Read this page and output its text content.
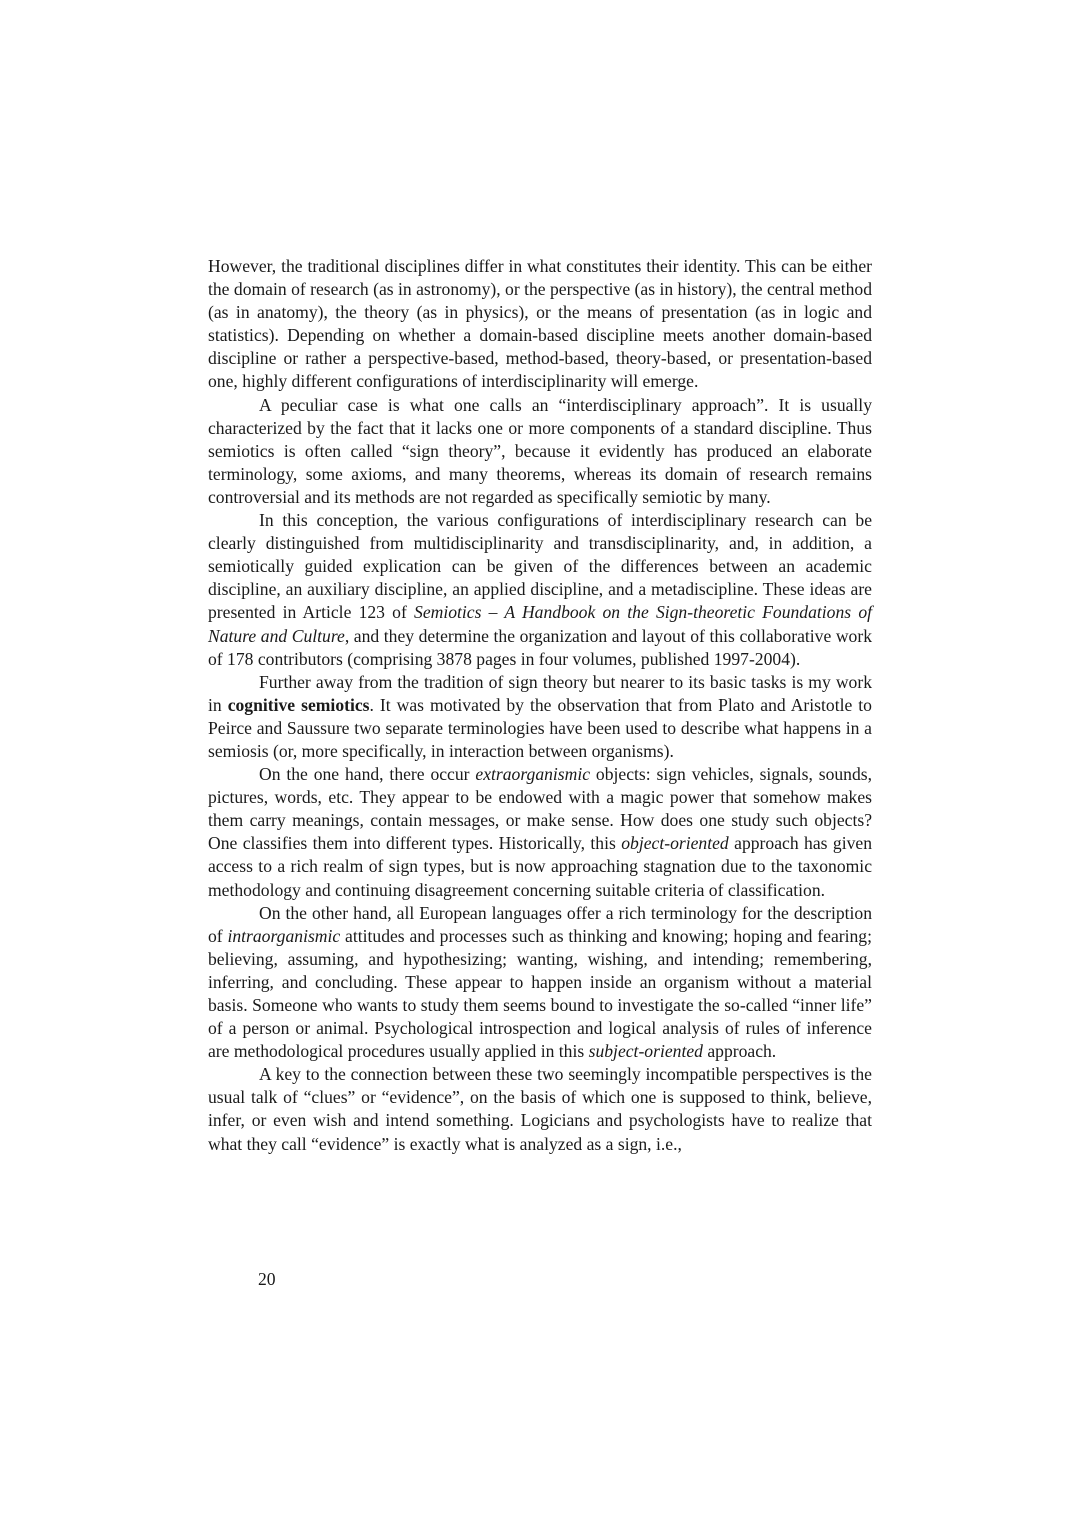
However, the traditional disciplines differ in what constitutes their identity. This can be either the domain of research (as in astronomy), or the perspective (as in history), the central method (as in anatomy), the theory (as in physics), or the means of presentation (as in logic and statistics). Depending on whether a domain-based discipline meets another domain-based discipline or rather a perspective-based, method-based, theory-based, or presentation-based one, highly different configurations of interdisciplinarity will emerge.

A peculiar case is what one calls an “interdisciplinary approach”. It is usually characterized by the fact that it lacks one or more components of a standard discipline. Thus semiotics is often called “sign theory”, because it evidently has produced an elaborate terminology, some axioms, and many theorems, whereas its domain of research remains controversial and its methods are not regarded as specifically semiotic by many.

In this conception, the various configurations of interdisciplinary research can be clearly distinguished from multidisciplinarity and transdisciplinarity, and, in addition, a semiotically guided explication can be given of the differences between an academic discipline, an auxiliary discipline, an applied discipline, and a metadiscipline. These ideas are presented in Article 123 of Semiotics – A Handbook on the Sign-theoretic Foundations of Nature and Culture, and they determine the organization and layout of this collaborative work of 178 contributors (comprising 3878 pages in four volumes, published 1997-2004).

Further away from the tradition of sign theory but nearer to its basic tasks is my work in cognitive semiotics. It was motivated by the observation that from Plato and Aristotle to Peirce and Saussure two separate terminologies have been used to describe what happens in a semiosis (or, more specifically, in interaction between organisms).

On the one hand, there occur extraorganismic objects: sign vehicles, signals, sounds, pictures, words, etc. They appear to be endowed with a magic power that somehow makes them carry meanings, contain messages, or make sense. How does one study such objects? One classifies them into different types. Historically, this object-oriented approach has given access to a rich realm of sign types, but is now approaching stagnation due to the taxonomic methodology and continuing disagreement concerning suitable criteria of classification.

On the other hand, all European languages offer a rich terminology for the description of intraorganismic attitudes and processes such as thinking and knowing; hoping and fearing; believing, assuming, and hypothesizing; wanting, wishing, and intending; remembering, inferring, and concluding. These appear to happen inside an organism without a material basis. Someone who wants to study them seems bound to investigate the so-called “inner life” of a person or animal. Psychological introspection and logical analysis of rules of inference are methodological procedures usually applied in this subject-oriented approach.

A key to the connection between these two seemingly incompatible perspectives is the usual talk of “clues” or “evidence”, on the basis of which one is supposed to think, believe, infer, or even wish and intend something. Logicians and psychologists have to realize that what they call “evidence” is exactly what is analyzed as a sign, i.e.,

20
